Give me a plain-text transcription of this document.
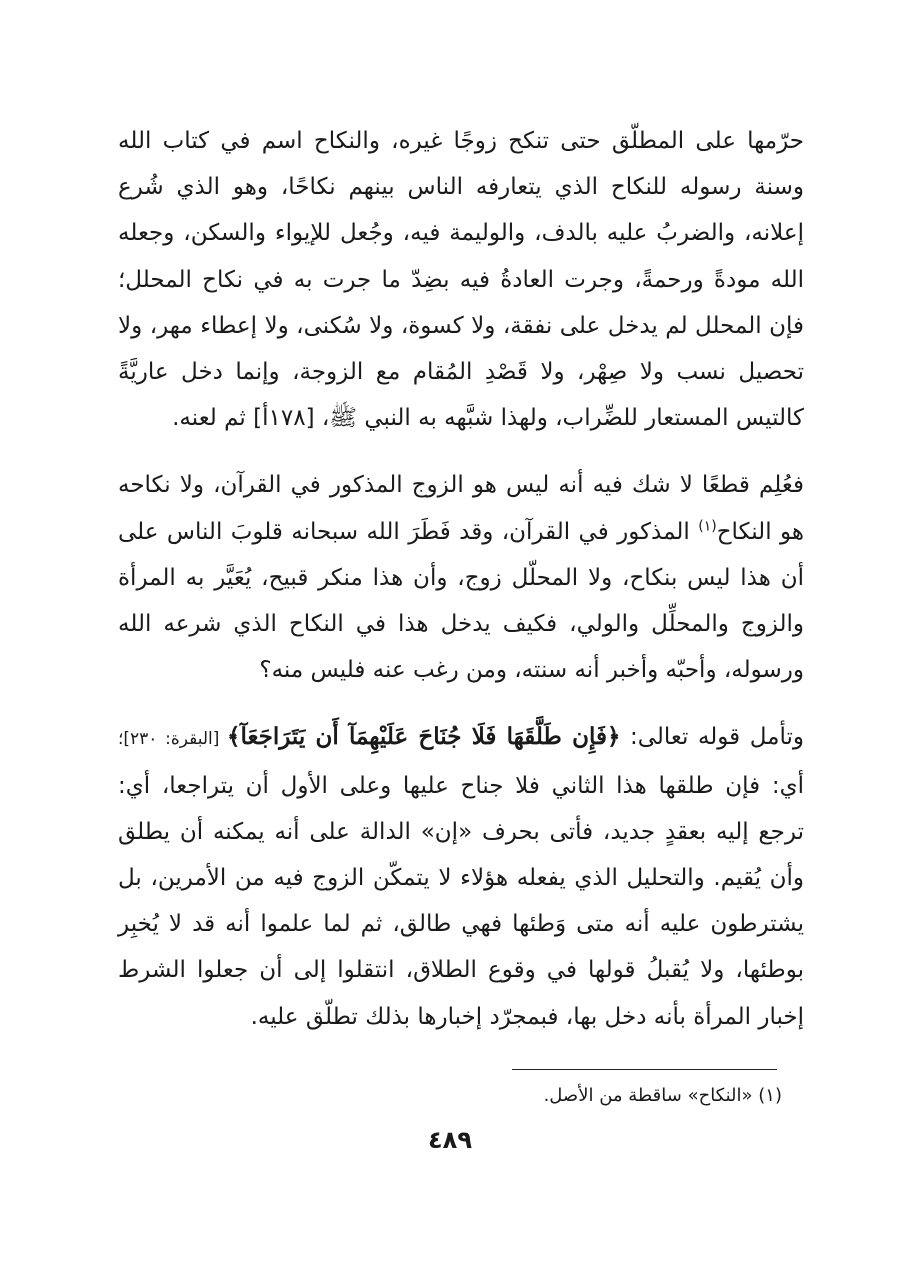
حرّمها على المطلّق حتى تنكح زوجًا غيره، والنكاح اسم في كتاب الله وسنة رسوله للنكاح الذي يتعارفه الناس بينهم نكاحًا، وهو الذي شُرع إعلانه، والضربُ عليه بالدف، والوليمة فيه، وجُعل للإيواء والسكن، وجعله الله مودةً ورحمةً، وجرت العادةُ فيه بضِدّ ما جرت به في نكاح المحلل؛ فإن المحلل لم يدخل على نفقة، ولا كسوة، ولا سُكنى، ولا إعطاء مهر، ولا تحصيل نسب ولا صِهْر، ولا قَصْدِ المُقام مع الزوجة، وإنما دخل عاريَّةً كالتيس المستعار للضِّراب، ولهذا شبَّهه به النبي ﷺ، [١٧٨أ] ثم لعنه.

فعُلِم قطعًا لا شك فيه أنه ليس هو الزوج المذكور في القرآن، ولا نكاحه هو النكاح$^{(١)}$ المذكور في القرآن، وقد فَطَرَ الله سبحانه قلوبَ الناس على أن هذا ليس بنكاح، ولا المحلّل زوج، وأن هذا منكر قبيح، يُعَيَّر به المرأة والزوج والمحلِّل والولي، فكيف يدخل هذا في النكاح الذي شرعه الله ورسوله، وأحبّه وأخبر أنه سنته، ومن رغب عنه فليس منه؟

وتأمل قوله تعالى: ﴿فَإِن طَلَّقَهَا فَلَا جُنَاحَ عَلَيْهِمَآ أَن يَتَرَاجَعَآ﴾ [البقرة: ٢٣٠]؛ أي: فإن طلقها هذا الثاني فلا جناح عليها وعلى الأول أن يتراجعا، أي: ترجع إليه بعقدٍ جديد، فأتى بحرف «إن» الدالة على أنه يمكنه أن يطلق وأن يُقيم. والتحليل الذي يفعله هؤلاء لا يتمكّن الزوج فيه من الأمرين، بل يشترطون عليه أنه متى وَطئها فهي طالق، ثم لما علموا أنه قد لا يُخبِر بوطئها، ولا يُقبلُ قولها في وقوع الطلاق، انتقلوا إلى أن جعلوا الشرط إخبار المرأة بأنه دخل بها، فبمجرّد إخبارها بذلك تطلّق عليه.

(١) «النكاح» ساقطة من الأصل.

٤٨٩
